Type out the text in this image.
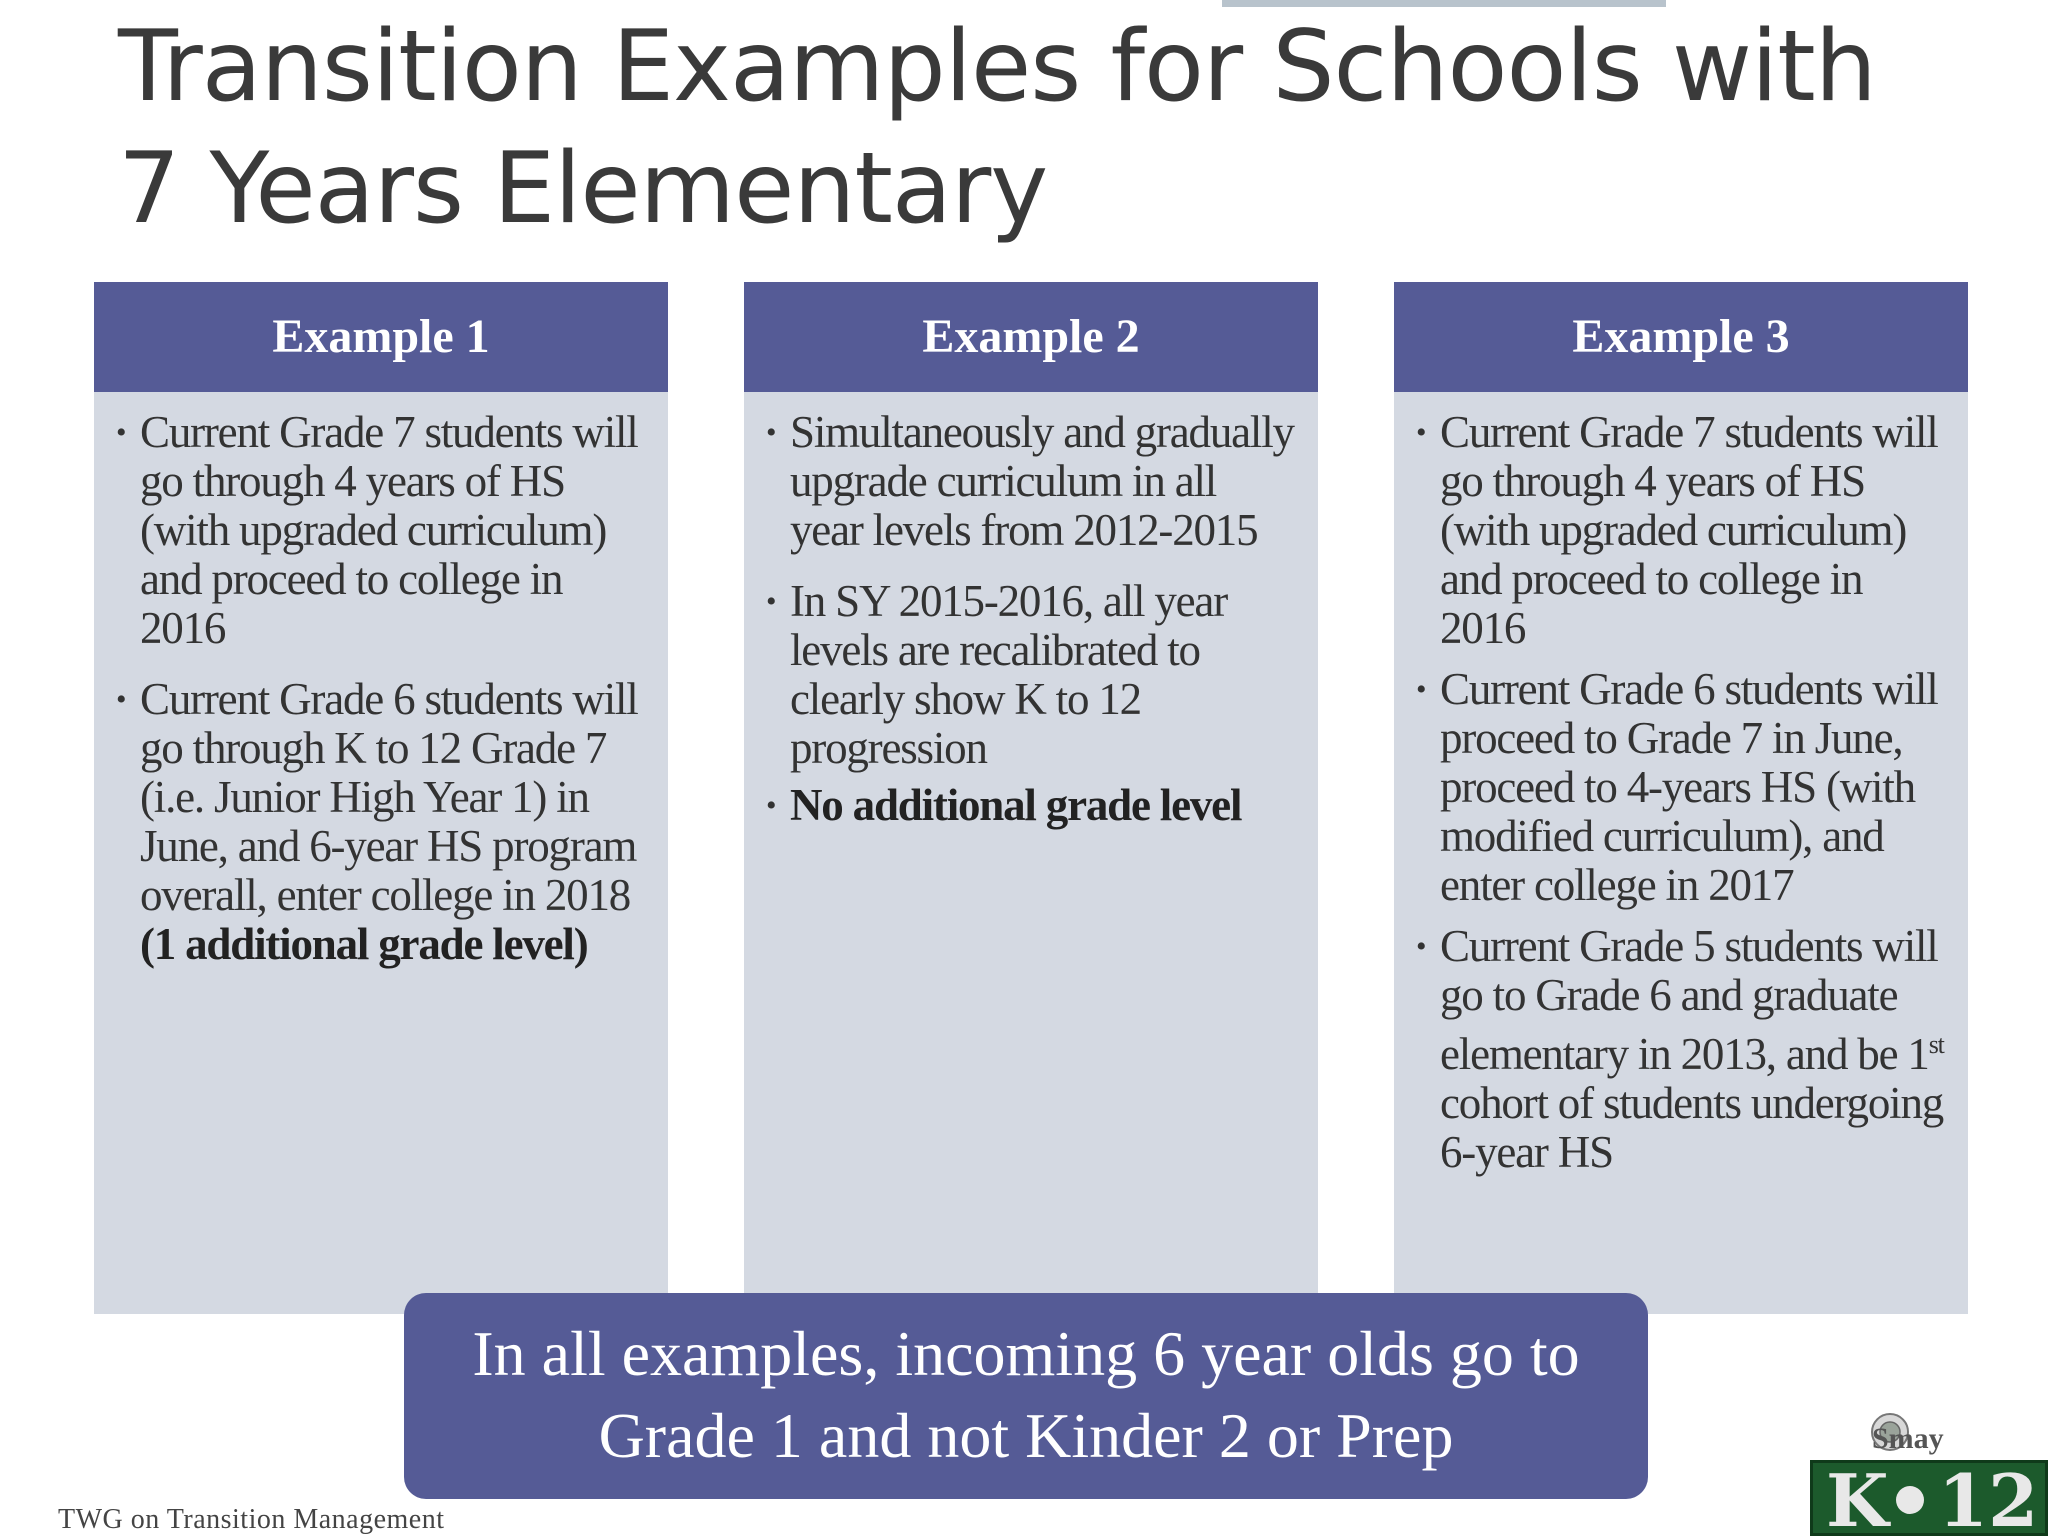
Transition Examples for Schools with 7 Years Elementary
Example 1
• Current Grade 7 students will go through 4 years of HS (with upgraded curriculum) and proceed to college in 2016
• Current Grade 6 students will go through K to 12 Grade 7 (i.e. Junior High Year 1) in June, and 6-year HS program overall, enter college in 2018 (1 additional grade level)
Example 2
• Simultaneously and gradually upgrade curriculum in all year levels from 2012-2015
• In SY 2015-2016, all year levels are recalibrated to clearly show K to 12 progression
• No additional grade level
Example 3
• Current Grade 7 students will go through 4 years of HS (with upgraded curriculum) and proceed to college in 2016
• Current Grade 6 students will proceed to Grade 7 in June, proceed to 4-years HS (with modified curriculum), and enter college in 2017
• Current Grade 5 students will go to Grade 6 and graduate elementary in 2013, and be 1st cohort of students undergoing 6-year HS
In all examples, incoming 6 year olds go to
Grade 1 and not Kinder 2 or Prep
TWG on Transition Management
Smay
K 12
